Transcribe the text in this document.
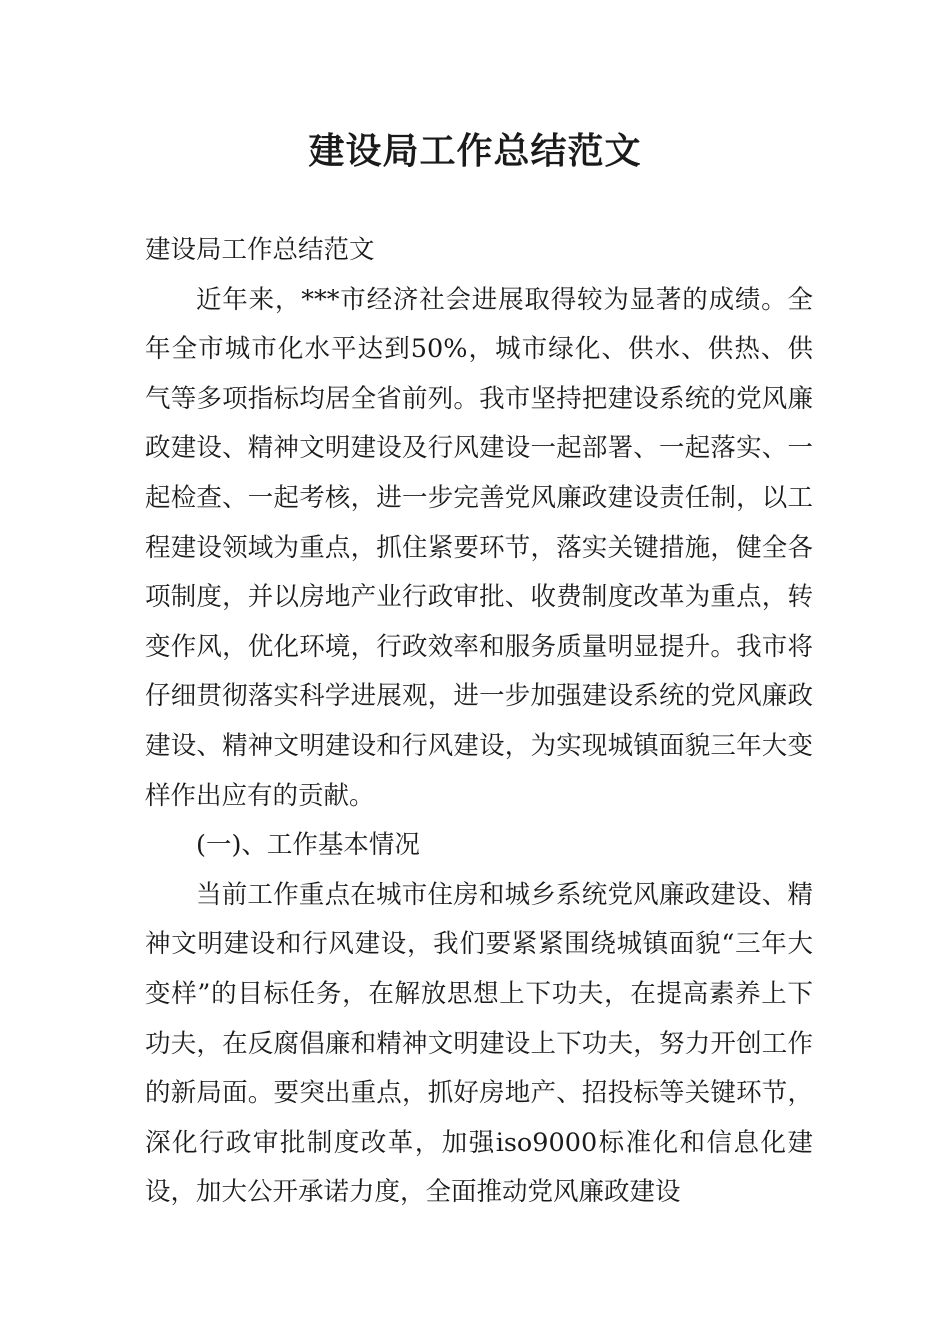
建设局工作总结范文

建设局工作总结范文

近年来，***市经济社会进展取得较为显著的成绩。全年全市城市化水平达到50%，城市绿化、供水、供热、供气等多项指标均居全省前列。我市坚持把建设系统的党风廉政建设、精神文明建设及行风建设一起部署、一起落实、一起检查、一起考核，进一步完善党风廉政建设责任制，以工程建设领域为重点，抓住紧要环节，落实关键措施，健全各项制度，并以房地产业行政审批、收费制度改革为重点，转变作风，优化环境，行政效率和服务质量明显提升。我市将仔细贯彻落实科学进展观，进一步加强建设系统的党风廉政建设、精神文明建设和行风建设，为实现城镇面貌三年大变样作出应有的贡献。

(一)、工作基本情况

当前工作重点在城市住房和城乡系统党风廉政建设、精神文明建设和行风建设，我们要紧紧围绕城镇面貌“三年大变样”的目标任务，在解放思想上下功夫，在提高素养上下功夫，在反腐倡廉和精神文明建设上下功夫，努力开创工作的新局面。要突出重点，抓好房地产、招投标等关键环节，深化行政审批制度改革，加强iso9000标准化和信息化建设，加大公开承诺力度，全面推动党风廉政建设
